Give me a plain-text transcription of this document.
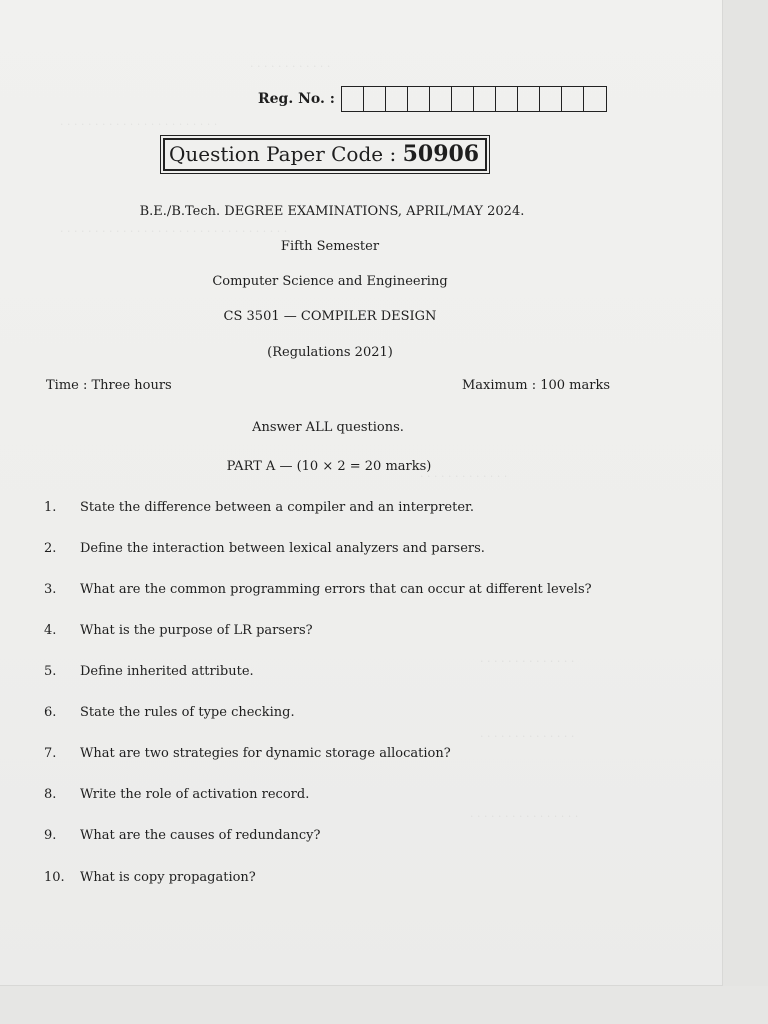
· · · · · · · · · · · ·
· · · · · · · · · · · · · · · · · · · · · · ·
· · · · · · · · · · · · · · · · · · · · · · · · · · · · · · · · ·
· · · · · · · · · · · · ·
· · · · · · · · · · · · · ·
· · · · · · · · · · · · · ·
· · · · · · · · · · · · · · · ·
Reg. No. :
Question Paper Code : 50906
B.E./B.Tech. DEGREE EXAMINATIONS, APRIL/MAY 2024.
Fifth Semester
Computer Science and Engineering
CS 3501 — COMPILER DESIGN
(Regulations 2021)
Time : Three hours	Maximum : 100 marks
Answer ALL questions.
PART A — (10 × 2 = 20 marks)
1. State the difference between a compiler and an interpreter.
2. Define the interaction between lexical analyzers and parsers.
3. What are the common programming errors that can occur at different levels?
4. What is the purpose of LR parsers?
5. Define inherited attribute.
6. State the rules of type checking.
7. What are two strategies for dynamic storage allocation?
8. Write the role of activation record.
9. What are the causes of redundancy?
10. What is copy propagation?
